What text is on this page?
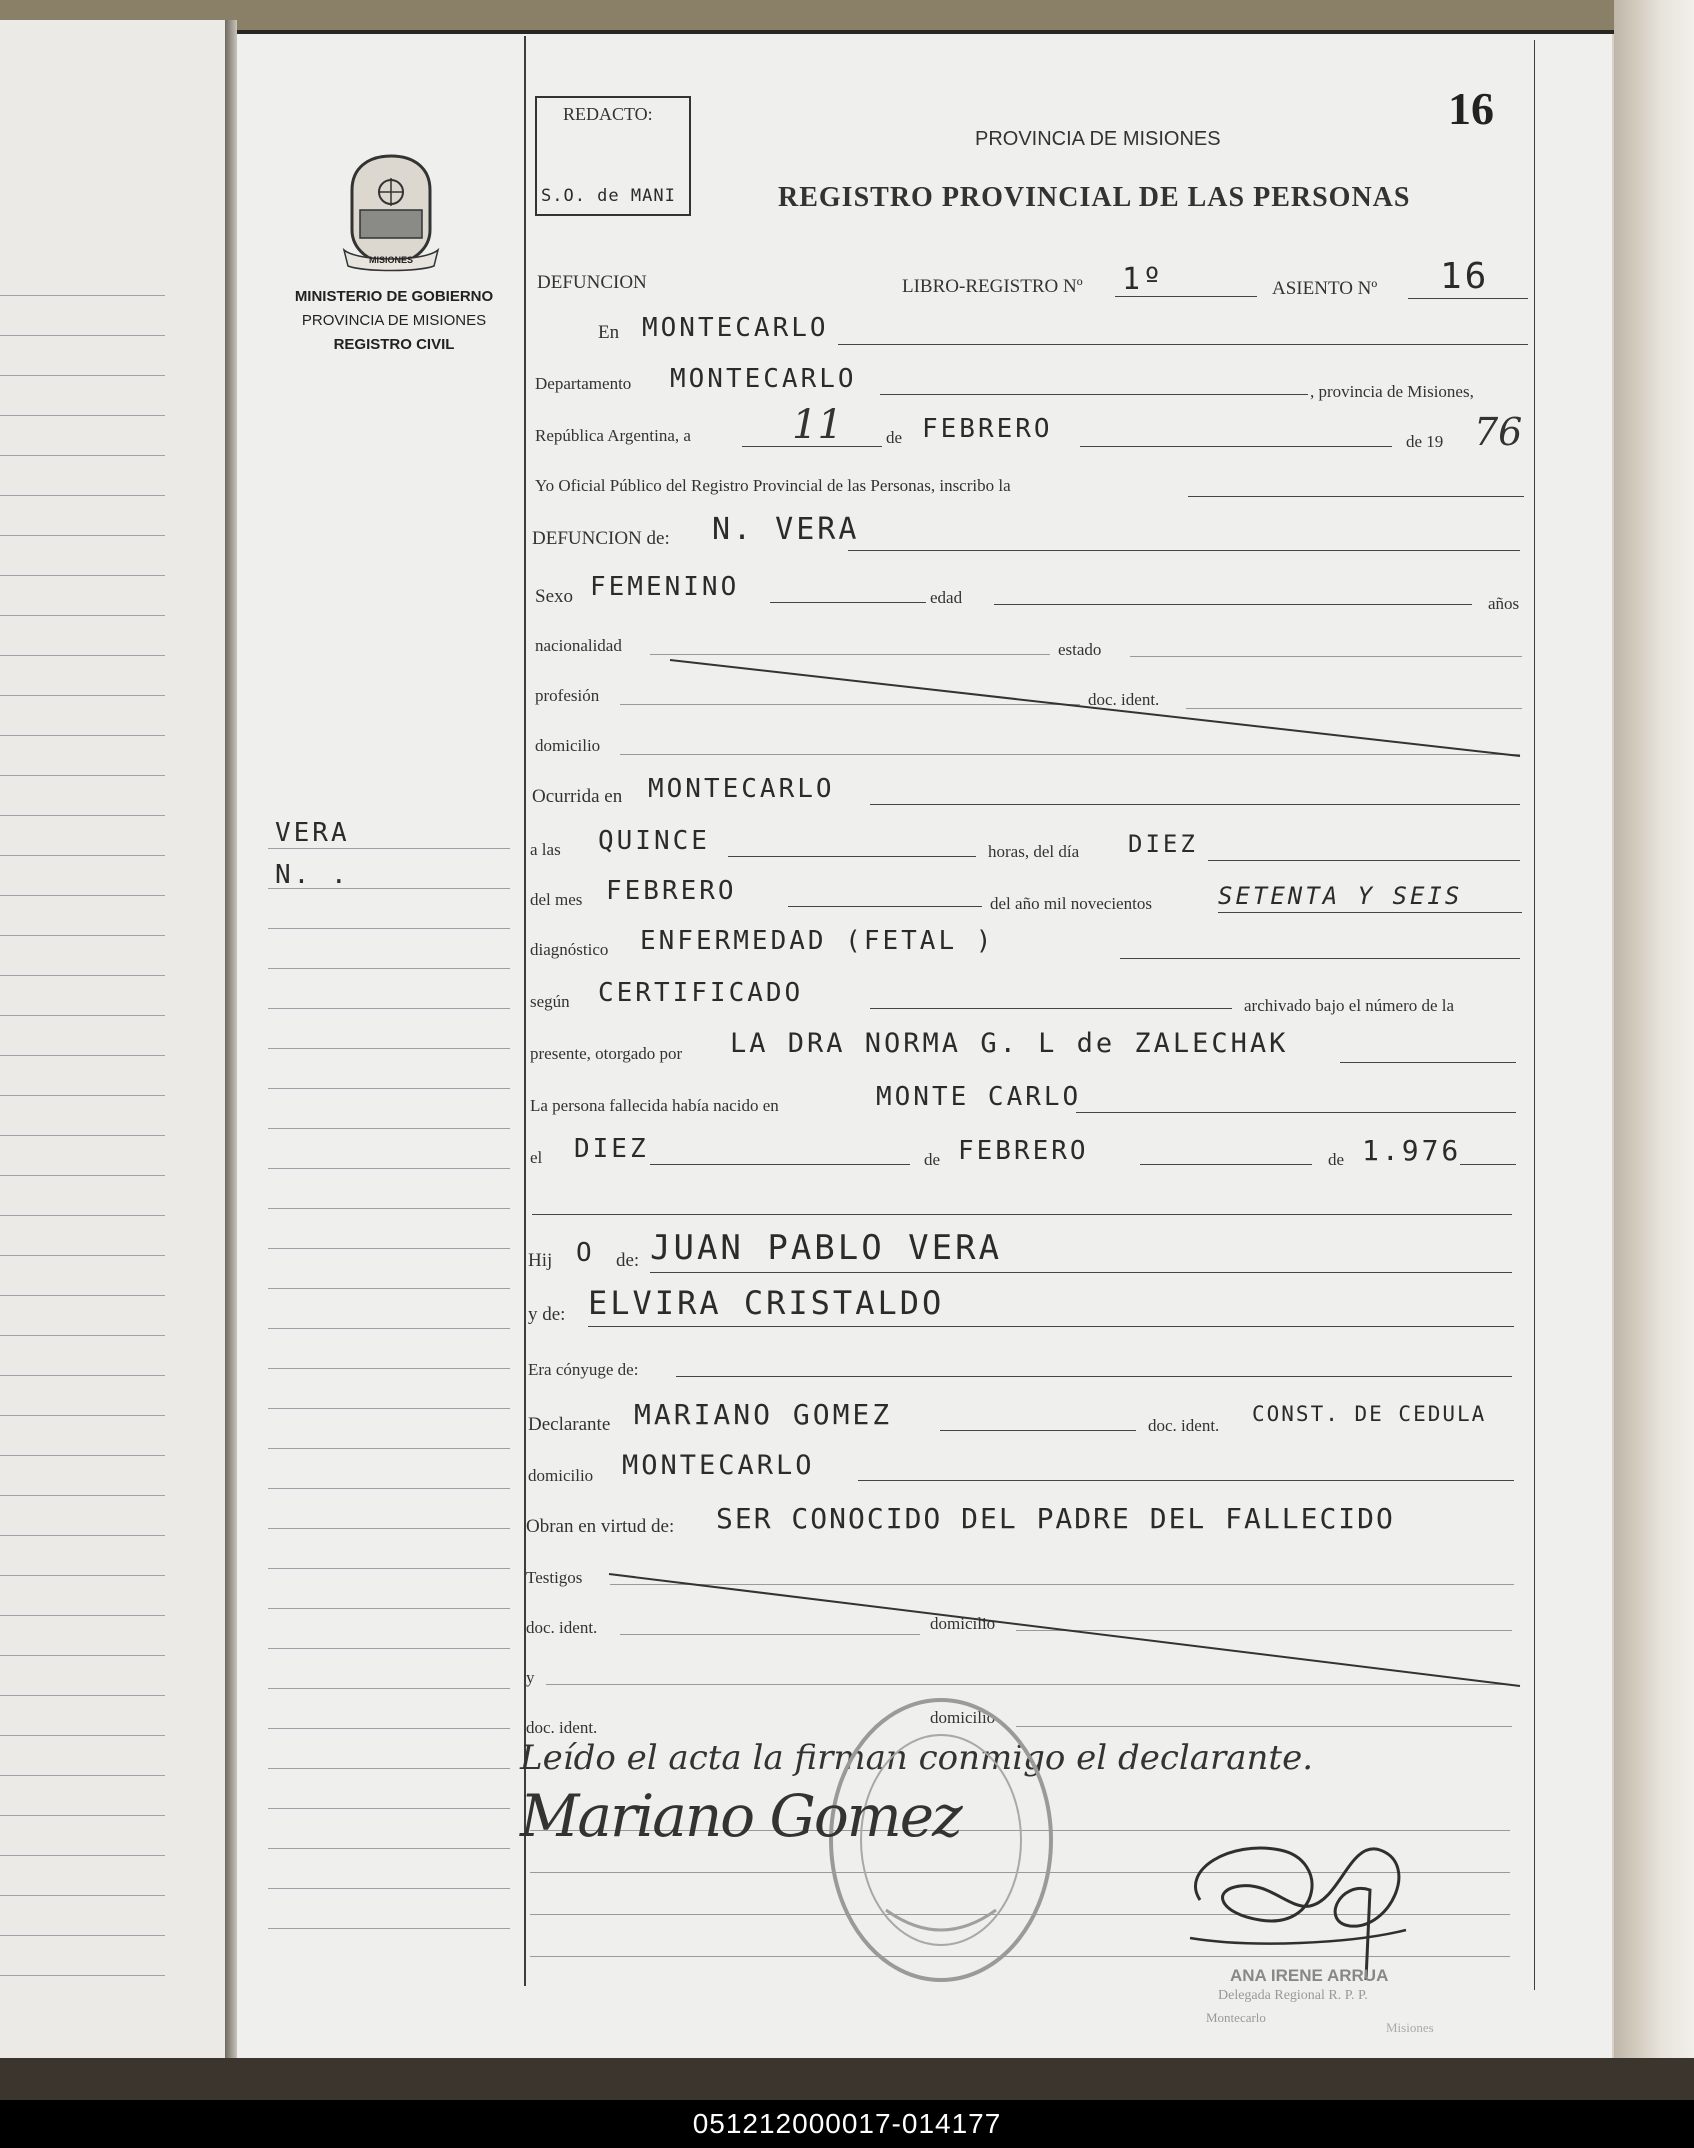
MISIONES
MINISTERIO DE GOBIERNO
PROVINCIA DE MISIONES
REGISTRO CIVIL
VERA
N. .
REDACTO:
S.O. de MANI
16
PROVINCIA DE MISIONES
REGISTRO PROVINCIAL DE LAS PERSONAS
DEFUNCION	LIBRO-REGISTRO Nº 1º	ASIENTO Nº 16
En MONTECARLO
Departamento MONTECARLO	, provincia de Misiones,
República Argentina, a	11	de FEBRERO	de 19 76
Yo Oficial Público del Registro Provincial de las Personas, inscribo la
DEFUNCION de: N. VERA
Sexo FEMENINO	edad	años
nacionalidad	estado
profesión	doc. ident.
domicilio
Ocurrida en MONTECARLO
a las QUINCE	horas, del día DIEZ
del mes FEBRERO	del año mil novecientos	SETENTA Y SEIS
diagnóstico ENFERMEDAD (FETAL )
según CERTIFICADO	archivado bajo el número de la
presente, otorgado por LA DRA NORMA G. L de ZALECHAK
La persona fallecida había nacido en	MONTE CARLO
el DIEZ	de FEBRERO	de 1.976
Hij O de: JUAN PABLO VERA
y de: ELVIRA CRISTALDO
Era cónyuge de:
Declarante MARIANO GOMEZ	doc. ident. CONST. DE CEDULA
domicilio MONTECARLO
Obran en virtud de: SER CONOCIDO DEL PADRE DEL FALLECIDO
Testigos
doc. ident.	domicilio
y
doc. ident.
domicilio
Leído el acta la firman conmigo el declarante.
Mariano Gomez
ANA IRENE ARRUA
Delegada Regional R. P. P.
Montecarlo
Misiones
051212000017-014177
